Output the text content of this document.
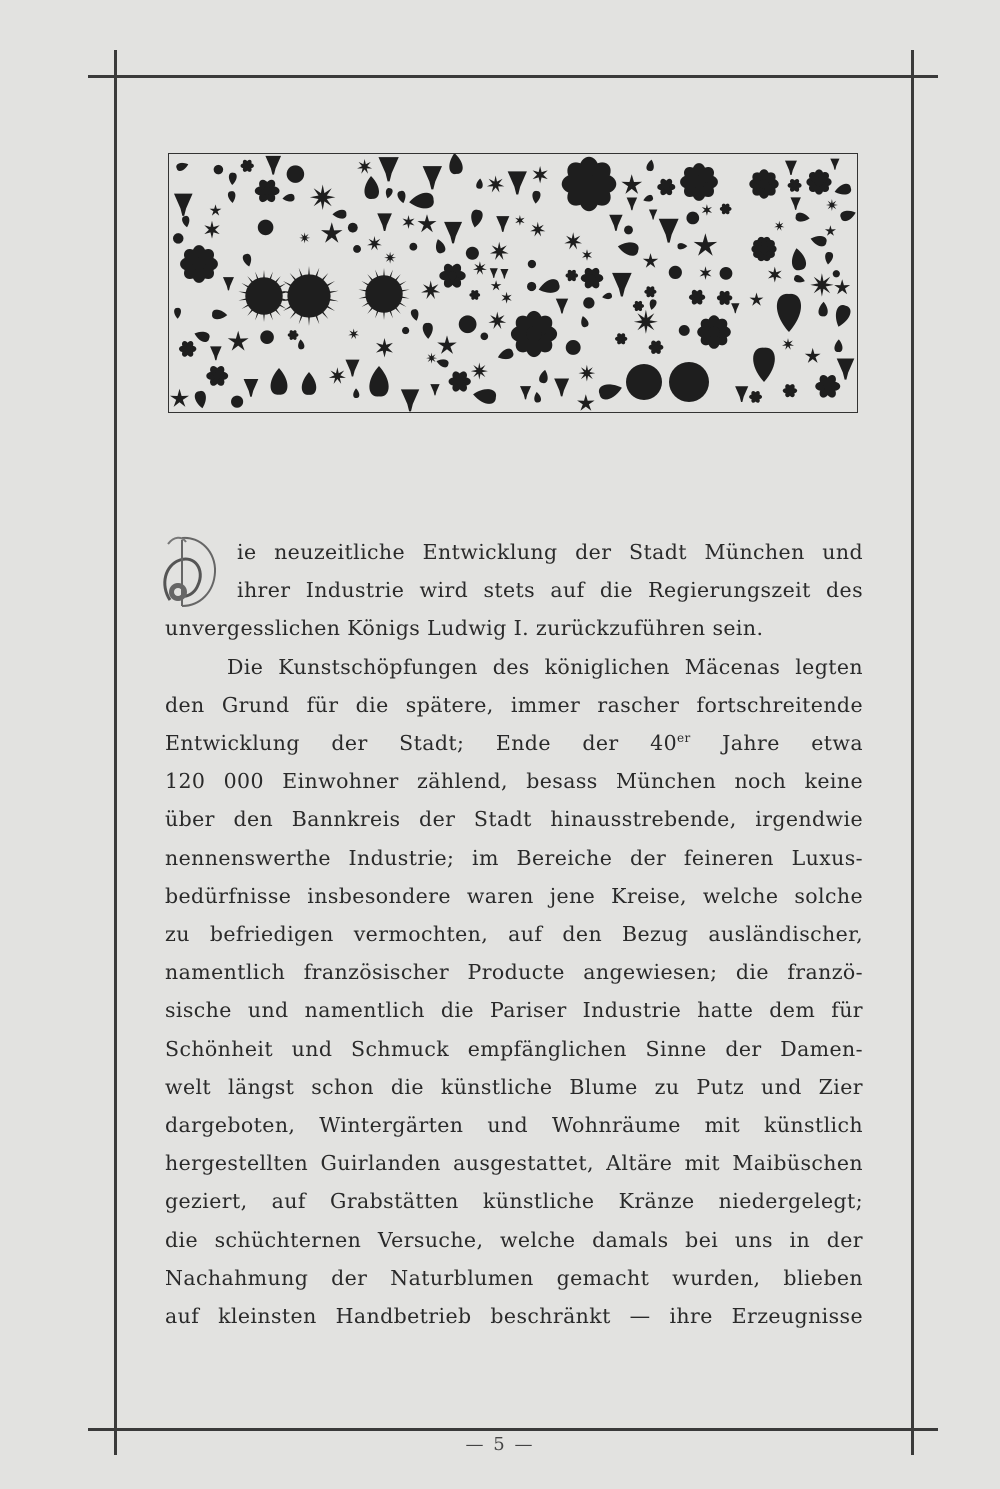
ie neuzeitliche Entwicklung der Stadt München und
ihrer Industrie wird stets auf die Regierungszeit des
unvergesslichen Königs Ludwig I. zurückzuführen sein.

Die Kunstschöpfungen des königlichen Mäcenas legten
den Grund für die spätere, immer rascher fortschreitende
Entwicklung der Stadt; Ende der 40er Jahre etwa
120 000 Einwohner zählend, besass München noch keine
über den Bannkreis der Stadt hinausstrebende, irgendwie
nennenswerthe Industrie; im Bereiche der feineren Luxus-
bedürfnisse insbesondere waren jene Kreise, welche solche
zu befriedigen vermochten, auf den Bezug ausländischer,
namentlich französischer Producte angewiesen; die franzö-
sische und namentlich die Pariser Industrie hatte dem für
Schönheit und Schmuck empfänglichen Sinne der Damen-
welt längst schon die künstliche Blume zu Putz und Zier
dargeboten, Wintergärten und Wohnräume mit künstlich
hergestellten Guirlanden ausgestattet, Altäre mit Maibüschen
geziert, auf Grabstätten künstliche Kränze niedergelegt;
die schüchternen Versuche, welche damals bei uns in der
Nachahmung der Naturblumen gemacht wurden, blieben
auf kleinsten Handbetrieb beschränkt — ihre Erzeugnisse

— 5 —
